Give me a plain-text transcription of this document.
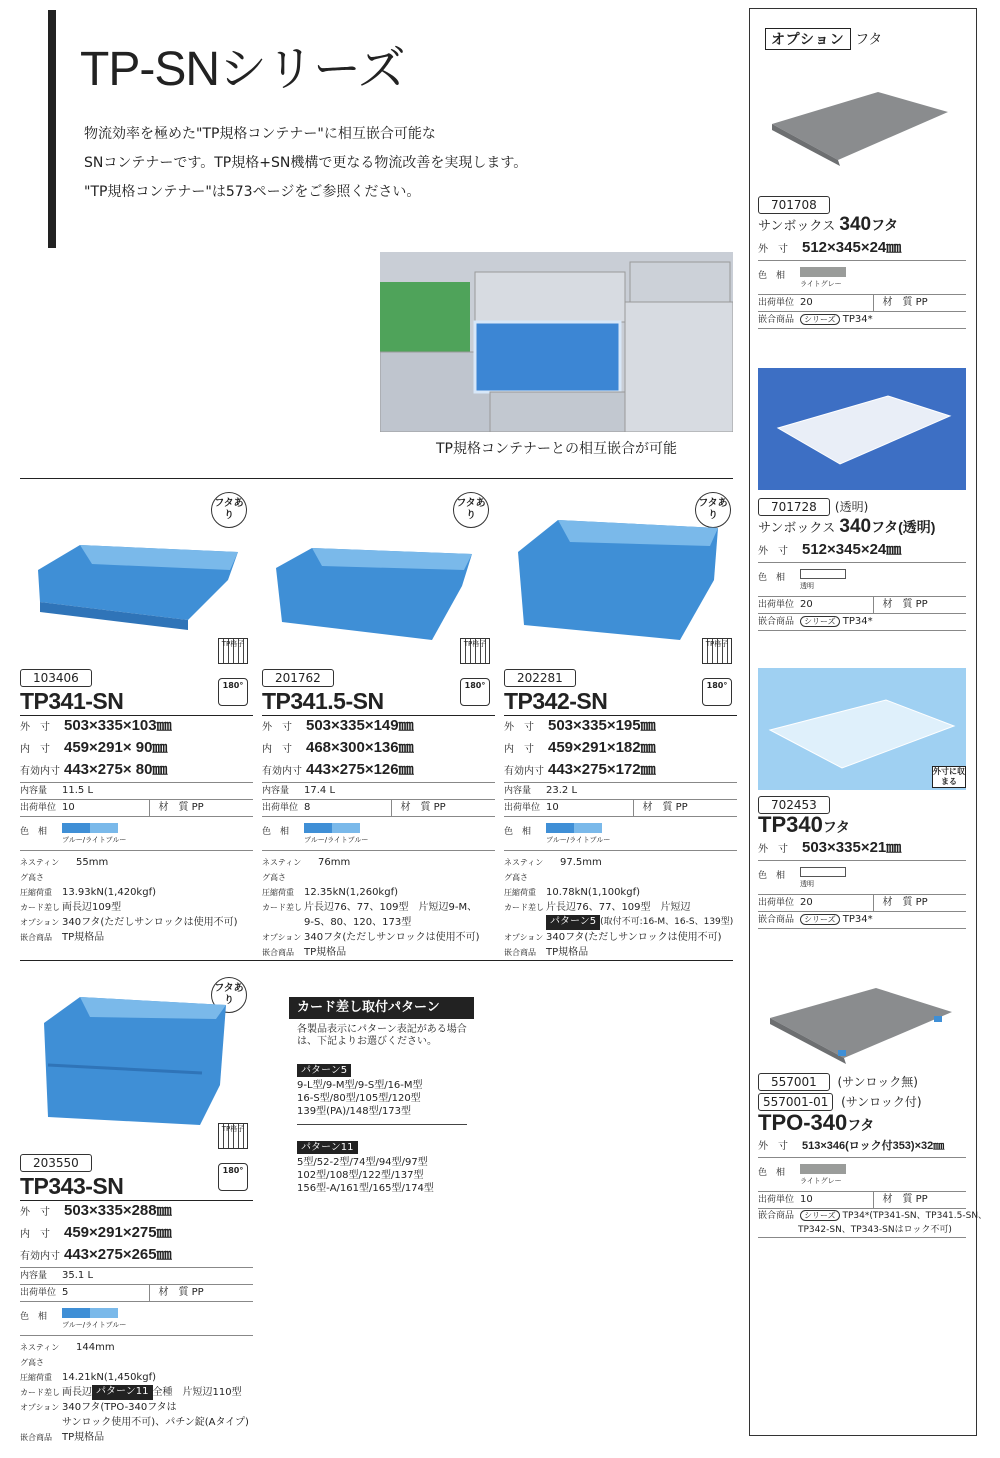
TP-SNシリーズ
物流効率を極めた"TP規格コンテナー"に相互嵌合可能な
SNコンテナーです。TP規格+SN機構で更なる物流改善を実現します。
"TP規格コンテナー"は573ページをご参照ください。
TP規格コンテナーとの相互嵌合が可能
フタあり
TP格子
180°
103406
TP341-SN
外　寸 503×335×103㎜
内　寸 459×291× 90㎜
有効内寸 443×275× 80㎜
内容量 11.5 L
出荷単位 10	材　質 PP
色　相
ブルー/ライトブルー
ネスティング高さ
55mm
圧縮荷重	13.93kN(1,420kgf)
カード差し 両長辺109型
オプション 340フタ(ただしサンロックは使用不可)
嵌合商品	TP規格品
フタあり
TP格子
180°
201762
TP341.5-SN
外　寸 503×335×149㎜
内　寸 468×300×136㎜
有効内寸 443×275×126㎜
内容量 17.4 L
出荷単位 8	材　質 PP
色　相
ブルー/ライトブルー
ネスティング高さ
76mm
圧縮荷重	12.35kN(1,260kgf)
カード差し 片長辺76、77、109型　片短辺9-M、9-S、80、120、173型
オプション 340フタ(ただしサンロックは使用不可)
嵌合商品	TP規格品
フタあり
TP格子
180°
202281
TP342-SN
外　寸 503×335×195㎜
内　寸 459×291×182㎜
有効内寸 443×275×172㎜
内容量 23.2 L
出荷単位 10	材　質 PP
色　相
ブルー/ライトブルー
ネスティング高さ
97.5mm
圧縮荷重	10.78kN(1,100kgf)
カード差し 片長辺76、77、109型　片短辺
パターン5 (取付不可:16-M、16-S、139型)
オプション 340フタ(ただしサンロックは使用不可)
嵌合商品	TP規格品
フタあり
TP格子
180°
203550
TP343-SN
外　寸 503×335×288㎜
内　寸 459×291×275㎜
有効内寸 443×275×265㎜
内容量 35.1 L
出荷単位 5	材　質 PP
色　相
ブルー/ライトブルー
ネスティング高さ
144mm
圧縮荷重	14.21kN(1,450kgf)
カード差し 両長辺 パターン11 全種　片短辺110型
オプション 340フタ(TPO-340フタは
サンロック使用不可)、パチン錠(Aタイプ)
嵌合商品	TP規格品
カード差し取付パターン
各製品表示にパターン表記がある場合は、下記よりお選びください。
パターン5
9-L型/9-M型/9-S型/16-M型
16-S型/80型/105型/120型
139型(PA)/148型/173型
パターン11
5型/52-2型/74型/94型/97型
102型/108型/122型/137型
156型-A/161型/165型/174型
オプション フタ
701708
サンボックス 340フタ
外　寸 512×345×24㎜
色　相
ライトグレー
出荷単位 20	材　質 PP
嵌合商品 シリーズ TP34*
701728 (透明)
サンボックス 340フタ(透明)
外　寸 512×345×24㎜
色　相
透明
出荷単位 20	材　質 PP
嵌合商品 シリーズ TP34*
外寸に収まる
702453
TP340フタ
外　寸 503×335×21㎜
色　相
透明
出荷単位 20	材　質 PP
嵌合商品 シリーズ TP34*
557001 (サンロック無)
557001-01 (サンロック付)
TPO-340フタ
外　寸 513×346(ロック付353)×32㎜
色　相
ライトグレー
出荷単位 10	材　質 PP
嵌合商品 シリーズ TP34*(TP341-SN、TP341.5-SN、
TP342-SN、TP343-SNはロック不可)
